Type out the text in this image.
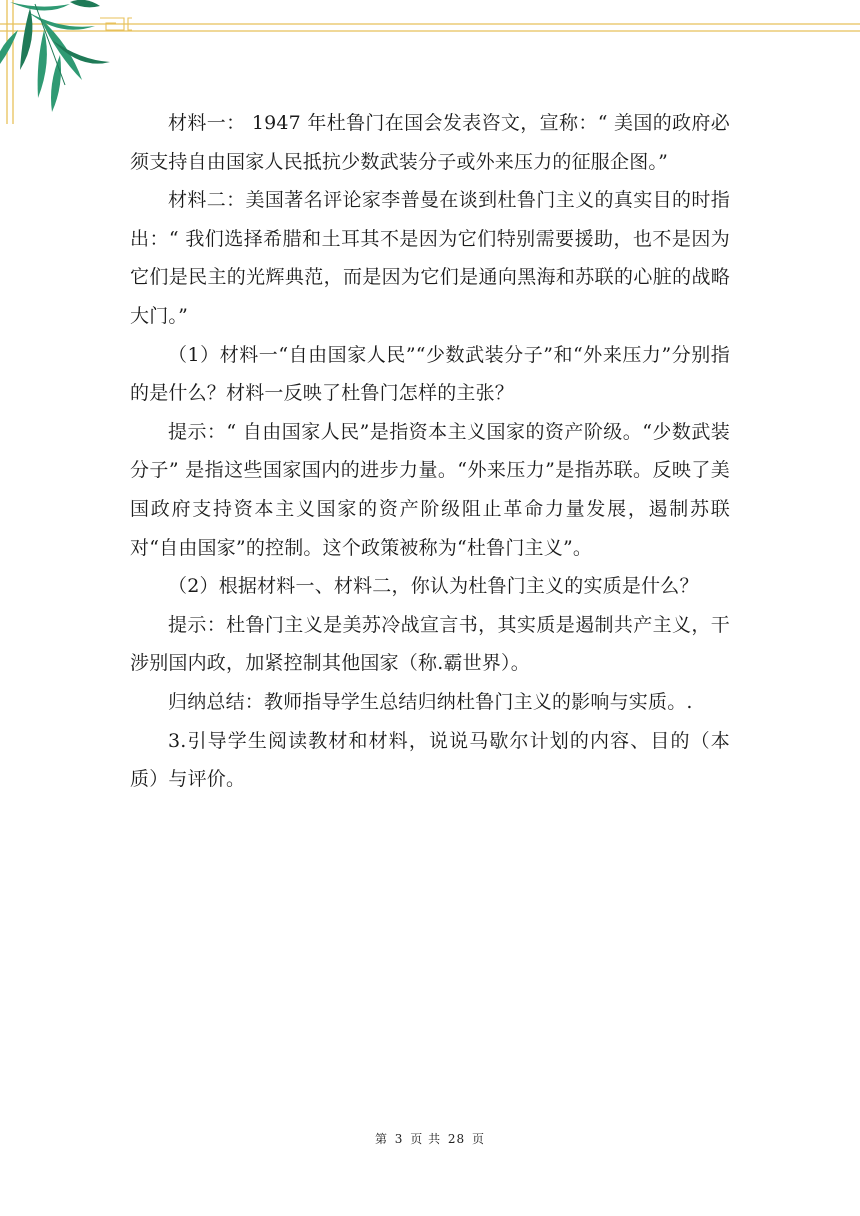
材料一： 1947 年杜鲁门在国会发表咨文，宣称：“ 美国的政府必须支持自由国家人民抵抗少数武装分子或外来压力的征服企图。”

材料二：美国著名评论家李普曼在谈到杜鲁门主义的真实目的时指出：“ 我们选择希腊和土耳其不是因为它们特别需要援助，也不是因为它们是民主的光辉典范，而是因为它们是通向黑海和苏联的心脏的战略大门。”

（1）材料一“自由国家人民”“少数武装分子”和“外来压力”分别指的是什么？材料一反映了杜鲁门怎样的主张？

提示：“ 自由国家人民”是指资本主义国家的资产阶级。“少数武装分子” 是指这些国家国内的进步力量。“外来压力”是指苏联。反映了美国政府支持资本主义国家的资产阶级阻止革命力量发展，遏制苏联对“自由国家”的控制。这个政策被称为“杜鲁门主义”。

（2）根据材料一、材料二，你认为杜鲁门主义的实质是什么？

提示：杜鲁门主义是美苏冷战宣言书，其实质是遏制共产主义，干涉别国内政，加紧控制其他国家（称.霸世界）。

归纳总结：教师指导学生总结归纳杜鲁门主义的影响与实质。.

3.引导学生阅读教材和材料，说说马歇尔计划的内容、目的（本质）与评价。

第 3 页 共 28 页
